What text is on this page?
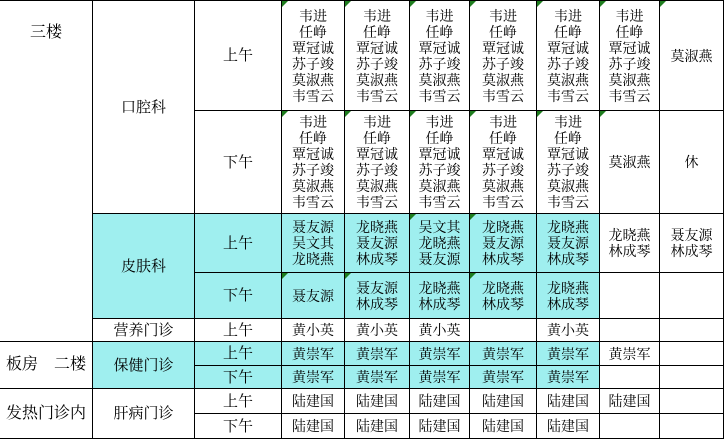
三楼
板房　二楼
发热门诊内
口腔科
皮肤科
营养门诊
保健门诊
肝病门诊
上午
下午
上午
下午
上午
上午
下午
上午
下午
韦进
任峥
覃冠诚
苏子竣
莫淑燕
韦雪云
韦进
任峥
覃冠诚
苏子竣
莫淑燕
韦雪云
韦进
任峥
覃冠诚
苏子竣
莫淑燕
韦雪云
韦进
任峥
覃冠诚
苏子竣
莫淑燕
韦雪云
韦进
任峥
覃冠诚
苏子竣
莫淑燕
韦雪云
韦进
任峥
覃冠诚
苏子竣
莫淑燕
韦雪云
莫淑燕
韦进
任峥
覃冠诚
苏子竣
莫淑燕
韦雪云
韦进
任峥
覃冠诚
苏子竣
莫淑燕
韦雪云
韦进
任峥
覃冠诚
苏子竣
莫淑燕
韦雪云
韦进
任峥
覃冠诚
苏子竣
莫淑燕
韦雪云
韦进
任峥
覃冠诚
苏子竣
莫淑燕
韦雪云
莫淑燕 休
聂友源
吴文其
龙晓燕
龙晓燕
聂友源
林成琴
吴文其
龙晓燕
聂友源
龙晓燕
聂友源
林成琴
龙晓燕
聂友源
林成琴
龙晓燕
林成琴
聂友源
林成琴
聂友源 聂友源
林成琴
龙晓燕
林成琴
龙晓燕
林成琴
龙晓燕
林成琴
黄小英 黄小英 黄小英	黄小英
黄崇军 黄崇军 黄崇军 黄崇军 黄崇军 黄崇军
黄崇军 黄崇军 黄崇军 黄崇军 黄崇军
陆建国 陆建国 陆建国 陆建国 陆建国 陆建国
陆建国 陆建国 陆建国 陆建国 陆建国
